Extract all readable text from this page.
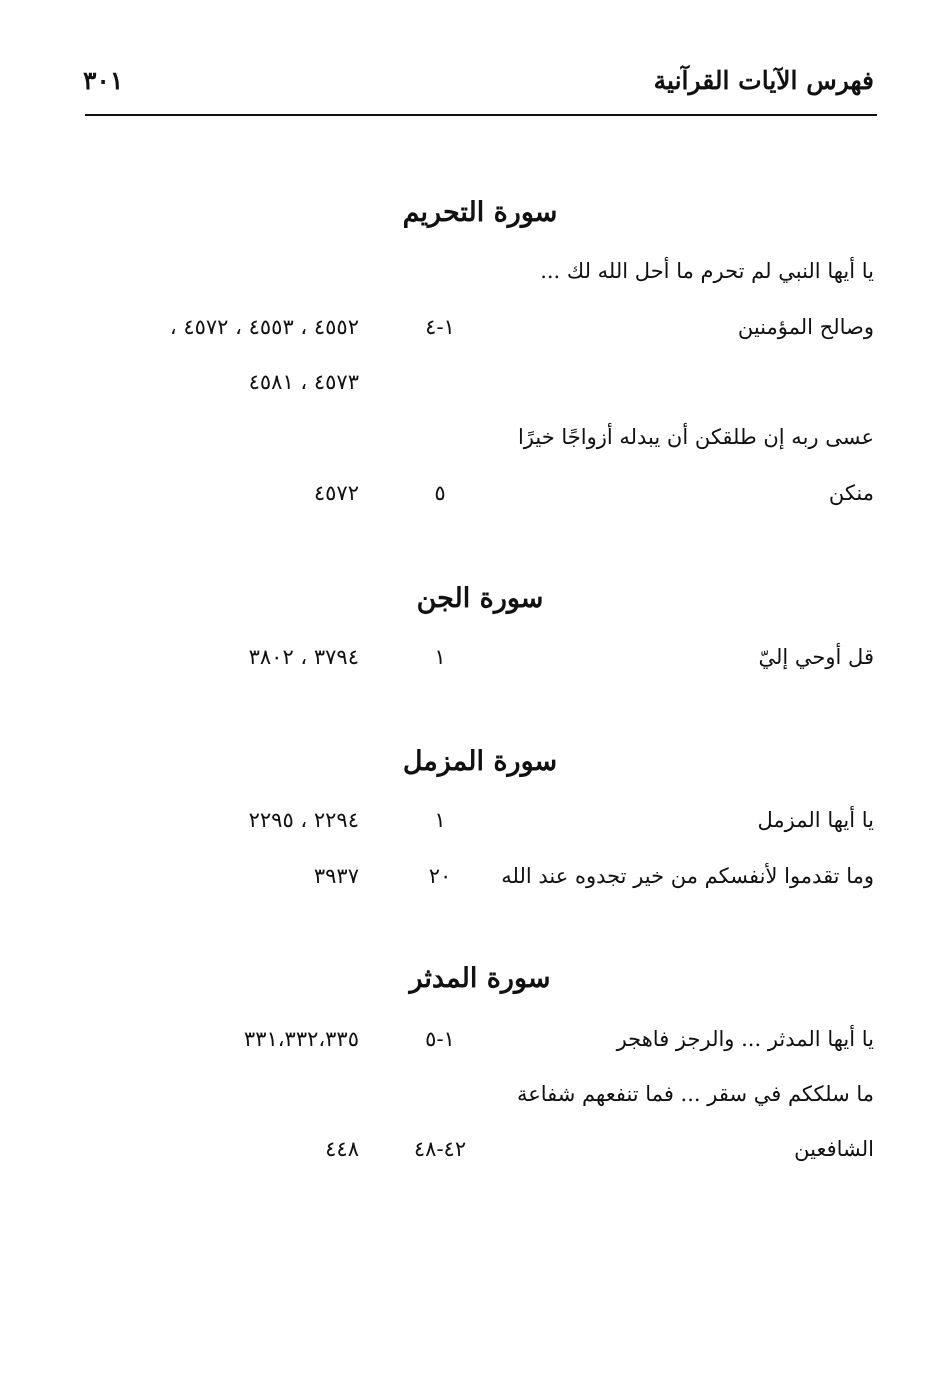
فهرس الآيات القرآنية
٣٠١
سورة التحريم
يا أيها النبي لم تحرم ما أحل الله لك ...
وصالح المؤمنين
١-٤
٤٥٥٢ ، ٤٥٥٣ ، ٤٥٧٢ ،
٤٥٧٣ ، ٤٥٨١
عسى ربه إن طلقكن أن يبدله أزواجًا خيرًا
منكن
٥
٤٥٧٢
سورة الجن
قل أوحي إليّ
١
٣٧٩٤ ، ٣٨٠٢
سورة المزمل
يا أيها المزمل
١
٢٢٩٤ ، ٢٢٩٥
وما تقدموا لأنفسكم من خير تجدوه عند الله
٢٠
٣٩٣٧
سورة المدثر
يا أيها المدثر ... والرجز فاهجر
١-٥
٣٣١،٣٣٢،٣٣٥
ما سلككم في سقر ... فما تنفعهم شفاعة
الشافعين
٤٢-٤٨
٤٤٨
